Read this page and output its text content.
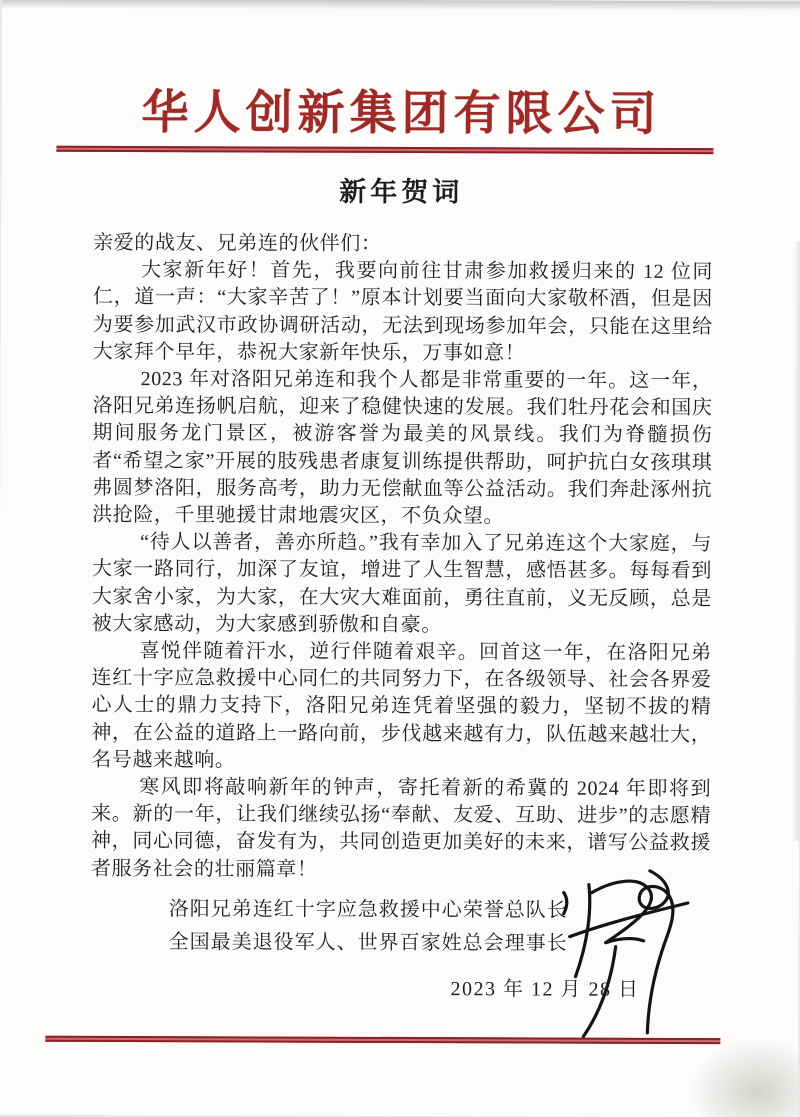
华人创新集团有限公司
新年贺词

亲爱的战友、兄弟连的伙伴们：

大家新年好！首先，我要向前往甘肃参加救援归来的 12 位同仁，道一声：“大家辛苦了！”原本计划要当面向大家敬杯酒，但是因为要参加武汉市政协调研活动，无法到现场参加年会，只能在这里给大家拜个早年，恭祝大家新年快乐，万事如意！

2023 年对洛阳兄弟连和我个人都是非常重要的一年。这一年，洛阳兄弟连扬帆启航，迎来了稳健快速的发展。我们牡丹花会和国庆期间服务龙门景区，被游客誉为最美的风景线。我们为脊髓损伤者“希望之家”开展的肢残患者康复训练提供帮助，呵护抗白女孩琪琪弗圆梦洛阳，服务高考，助力无偿献血等公益活动。我们奔赴涿州抗洪抢险，千里驰援甘肃地震灾区，不负众望。

“待人以善者，善亦所趋。”我有幸加入了兄弟连这个大家庭，与大家一路同行，加深了友谊，增进了人生智慧，感悟甚多。每每看到大家舍小家，为大家，在大灾大难面前，勇往直前，义无反顾，总是被大家感动，为大家感到骄傲和自豪。

喜悦伴随着汗水，逆行伴随着艰辛。回首这一年，在洛阳兄弟连红十字应急救援中心同仁的共同努力下，在各级领导、社会各界爱心人士的鼎力支持下，洛阳兄弟连凭着坚强的毅力，坚韧不拔的精神，在公益的道路上一路向前，步伐越来越有力，队伍越来越壮大，名号越来越响。

寒风即将敲响新年的钟声，寄托着新的希冀的 2024 年即将到来。新的一年，让我们继续弘扬“奉献、友爱、互助、进步”的志愿精神，同心同德，奋发有为，共同创造更加美好的未来，谱写公益救援者服务社会的壮丽篇章！

洛阳兄弟连红十字应急救援中心荣誉总队长
全国最美退役军人、世界百家姓总会理事长
2023 年 12 月 28 日
